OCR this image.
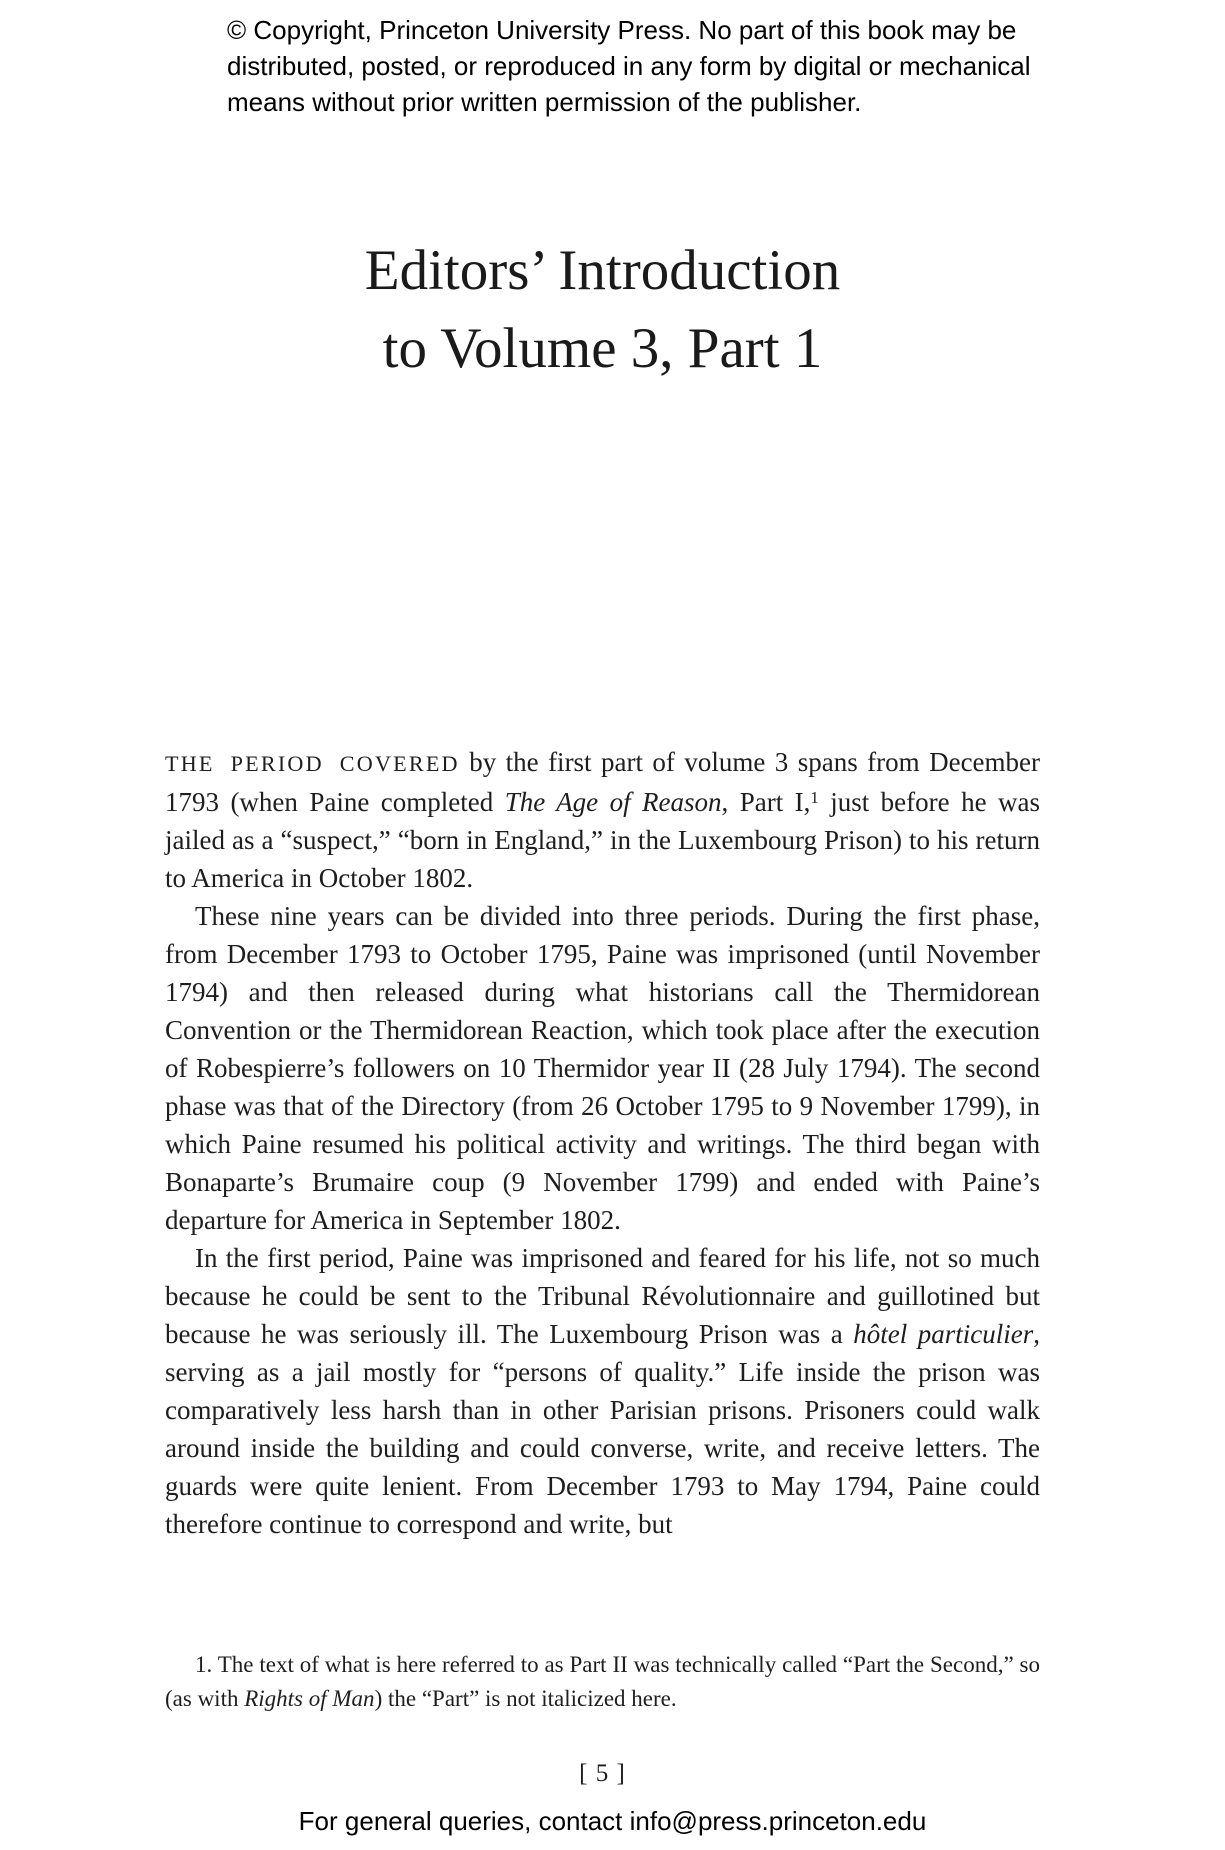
© Copyright, Princeton University Press. No part of this book may be
distributed, posted, or reproduced in any form by digital or mechanical
means without prior written permission of the publisher.
Editors’ Introduction
to Volume 3, Part 1

THE PERIOD COVERED by the first part of volume 3 spans from December 1793 (when Paine completed The Age of Reason, Part I,$^1$ just before he was jailed as a “suspect,” “born in England,” in the Luxembourg Prison) to his return to America in October 1802.

These nine years can be divided into three periods. During the first phase, from December 1793 to October 1795, Paine was imprisoned (until November 1794) and then released during what historians call the Thermidorean Convention or the Thermidorean Reaction, which took place after the execution of Robespierre’s followers on 10 Thermidor year II (28 July 1794). The second phase was that of the Directory (from 26 October 1795 to 9 November 1799), in which Paine resumed his political activity and writings. The third began with Bonaparte’s Brumaire coup (9 November 1799) and ended with Paine’s departure for America in September 1802.

In the first period, Paine was imprisoned and feared for his life, not so much because he could be sent to the Tribunal Révolutionnaire and guillotined but because he was seriously ill. The Luxembourg Prison was a hôtel particulier, serving as a jail mostly for “persons of quality.” Life inside the prison was comparatively less harsh than in other Parisian prisons. Prisoners could walk around inside the building and could converse, write, and receive letters. The guards were quite lenient. From December 1793 to May 1794, Paine could therefore continue to correspond and write, but

1. The text of what is here referred to as Part II was technically called “Part the Second,” so (as with Rights of Man) the “Part” is not italicized here.

[ 5 ]
For general queries, contact info@press.princeton.edu
